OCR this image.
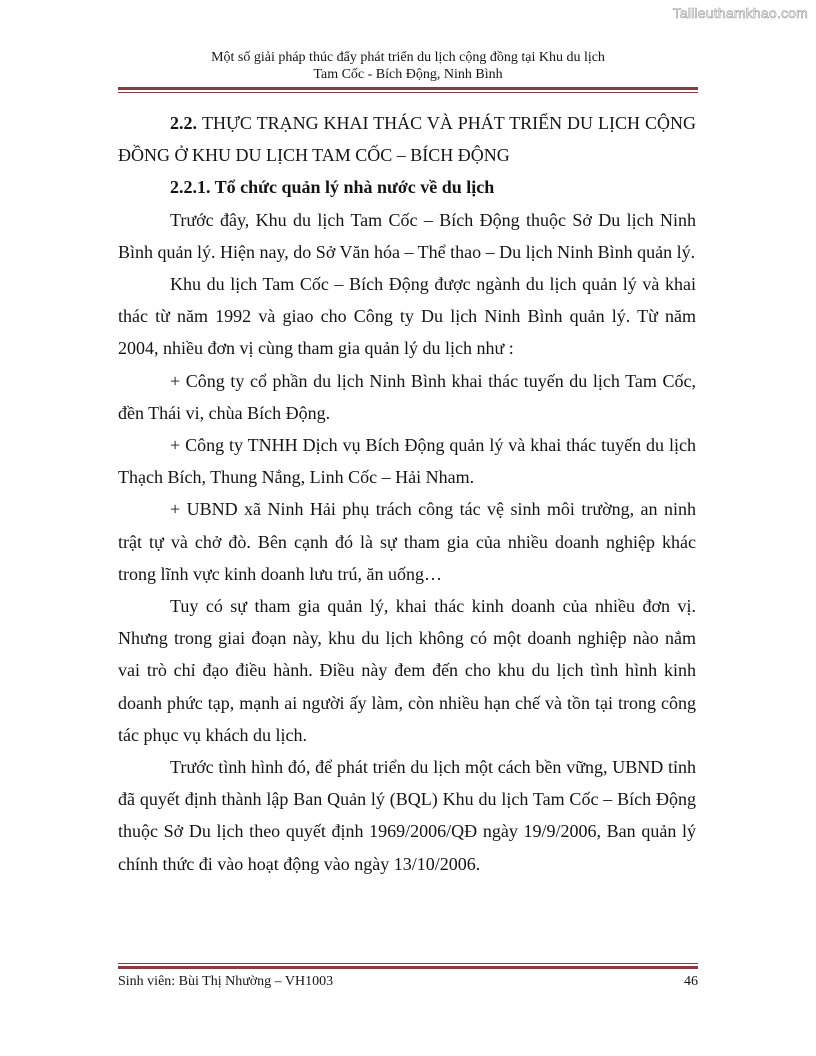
Tailieuthamkhao.com
Một số giải pháp thúc đẩy phát triển du lịch cộng đồng tại Khu du lịch
Tam Cốc - Bích Động, Ninh Bình

2.2. THỰC TRẠNG KHAI THÁC VÀ PHÁT TRIỂN DU LỊCH CỘNG ĐỒNG Ở KHU DU LỊCH TAM CỐC – BÍCH ĐỘNG

2.2.1. Tổ chức quản lý nhà nước về du lịch

Trước đây, Khu du lịch Tam Cốc – Bích Động thuộc Sở Du lịch Ninh Bình quản lý. Hiện nay, do Sở Văn hóa – Thể thao – Du lịch Ninh Bình quản lý.

Khu du lịch Tam Cốc – Bích Động được ngành du lịch quản lý và khai thác từ năm 1992 và giao cho Công ty Du lịch Ninh Bình quản lý. Từ năm 2004, nhiều đơn vị cùng tham gia quản lý du lịch như :

+ Công ty cổ phần du lịch Ninh Bình khai thác tuyến du lịch Tam Cốc, đền Thái vi, chùa Bích Động.

+ Công ty TNHH Dịch vụ Bích Động quản lý và khai thác tuyến du lịch Thạch Bích, Thung Nắng, Linh Cốc – Hải Nham.

+ UBND xã Ninh Hải phụ trách công tác vệ sinh môi trường, an ninh trật tự và chở đò. Bên cạnh đó là sự tham gia của nhiều doanh nghiệp khác trong lĩnh vực kinh doanh lưu trú, ăn uống…

Tuy có sự tham gia quản lý, khai thác kinh doanh của nhiều đơn vị. Nhưng trong giai đoạn này, khu du lịch không có một doanh nghiệp nào nắm vai trò chỉ đạo điều hành. Điều này đem đến cho khu du lịch tình hình kinh doanh phức tạp, mạnh ai người ấy làm, còn nhiều hạn chế và tồn tại trong công tác phục vụ khách du lịch.

Trước tình hình đó, để phát triển du lịch một cách bền vững, UBND tỉnh đã quyết định thành lập Ban Quản lý (BQL) Khu du lịch Tam Cốc – Bích Động thuộc Sở Du lịch theo quyết định 1969/2006/QĐ ngày 19/9/2006, Ban quản lý chính thức đi vào hoạt động vào ngày 13/10/2006.

Sinh viên: Bùi Thị Nhường – VH1003	46
